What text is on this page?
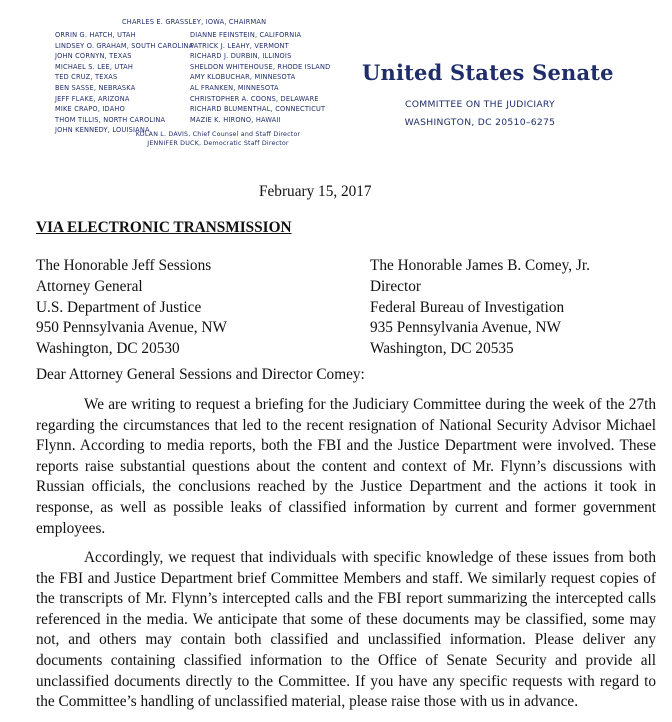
CHARLES E. GRASSLEY, IOWA, CHAIRMAN
ORRIN G. HATCH, UTAH
LINDSEY O. GRAHAM, SOUTH CAROLINA
JOHN CORNYN, TEXAS
MICHAEL S. LEE, UTAH
TED CRUZ, TEXAS
BEN SASSE, NEBRASKA
JEFF FLAKE, ARIZONA
MIKE CRAPO, IDAHO
THOM TILLIS, NORTH CAROLINA
JOHN KENNEDY, LOUISIANA
DIANNE FEINSTEIN, CALIFORNIA
PATRICK J. LEAHY, VERMONT
RICHARD J. DURBIN, ILLINOIS
SHELDON WHITEHOUSE, RHODE ISLAND
AMY KLOBUCHAR, MINNESOTA
AL FRANKEN, MINNESOTA
CHRISTOPHER A. COONS, DELAWARE
RICHARD BLUMENTHAL, CONNECTICUT
MAZIE K. HIRONO, HAWAII
KOLAN L. DAVIS, Chief Counsel and Staff Director
JENNIFER DUCK, Democratic Staff Director
United States Senate
COMMITTEE ON THE JUDICIARY
WASHINGTON, DC 20510–6275
February 15, 2017
VIA ELECTRONIC TRANSMISSION
The Honorable Jeff Sessions
Attorney General
U.S. Department of Justice
950 Pennsylvania Avenue, NW
Washington, DC 20530
The Honorable James B. Comey, Jr.
Director
Federal Bureau of Investigation
935 Pennsylvania Avenue, NW
Washington, DC 20535
Dear Attorney General Sessions and Director Comey:
We are writing to request a briefing for the Judiciary Committee during the week of the 27th regarding the circumstances that led to the recent resignation of National Security Advisor Michael Flynn. According to media reports, both the FBI and the Justice Department were involved. These reports raise substantial questions about the content and context of Mr. Flynn’s discussions with Russian officials, the conclusions reached by the Justice Department and the actions it took in response, as well as possible leaks of classified information by current and former government employees.
Accordingly, we request that individuals with specific knowledge of these issues from both the FBI and Justice Department brief Committee Members and staff. We similarly request copies of the transcripts of Mr. Flynn’s intercepted calls and the FBI report summarizing the intercepted calls referenced in the media. We anticipate that some of these documents may be classified, some may not, and others may contain both classified and unclassified information. Please deliver any documents containing classified information to the Office of Senate Security and provide all unclassified documents directly to the Committee. If you have any specific requests with regard to the Committee’s handling of unclassified material, please raise those with us in advance.
